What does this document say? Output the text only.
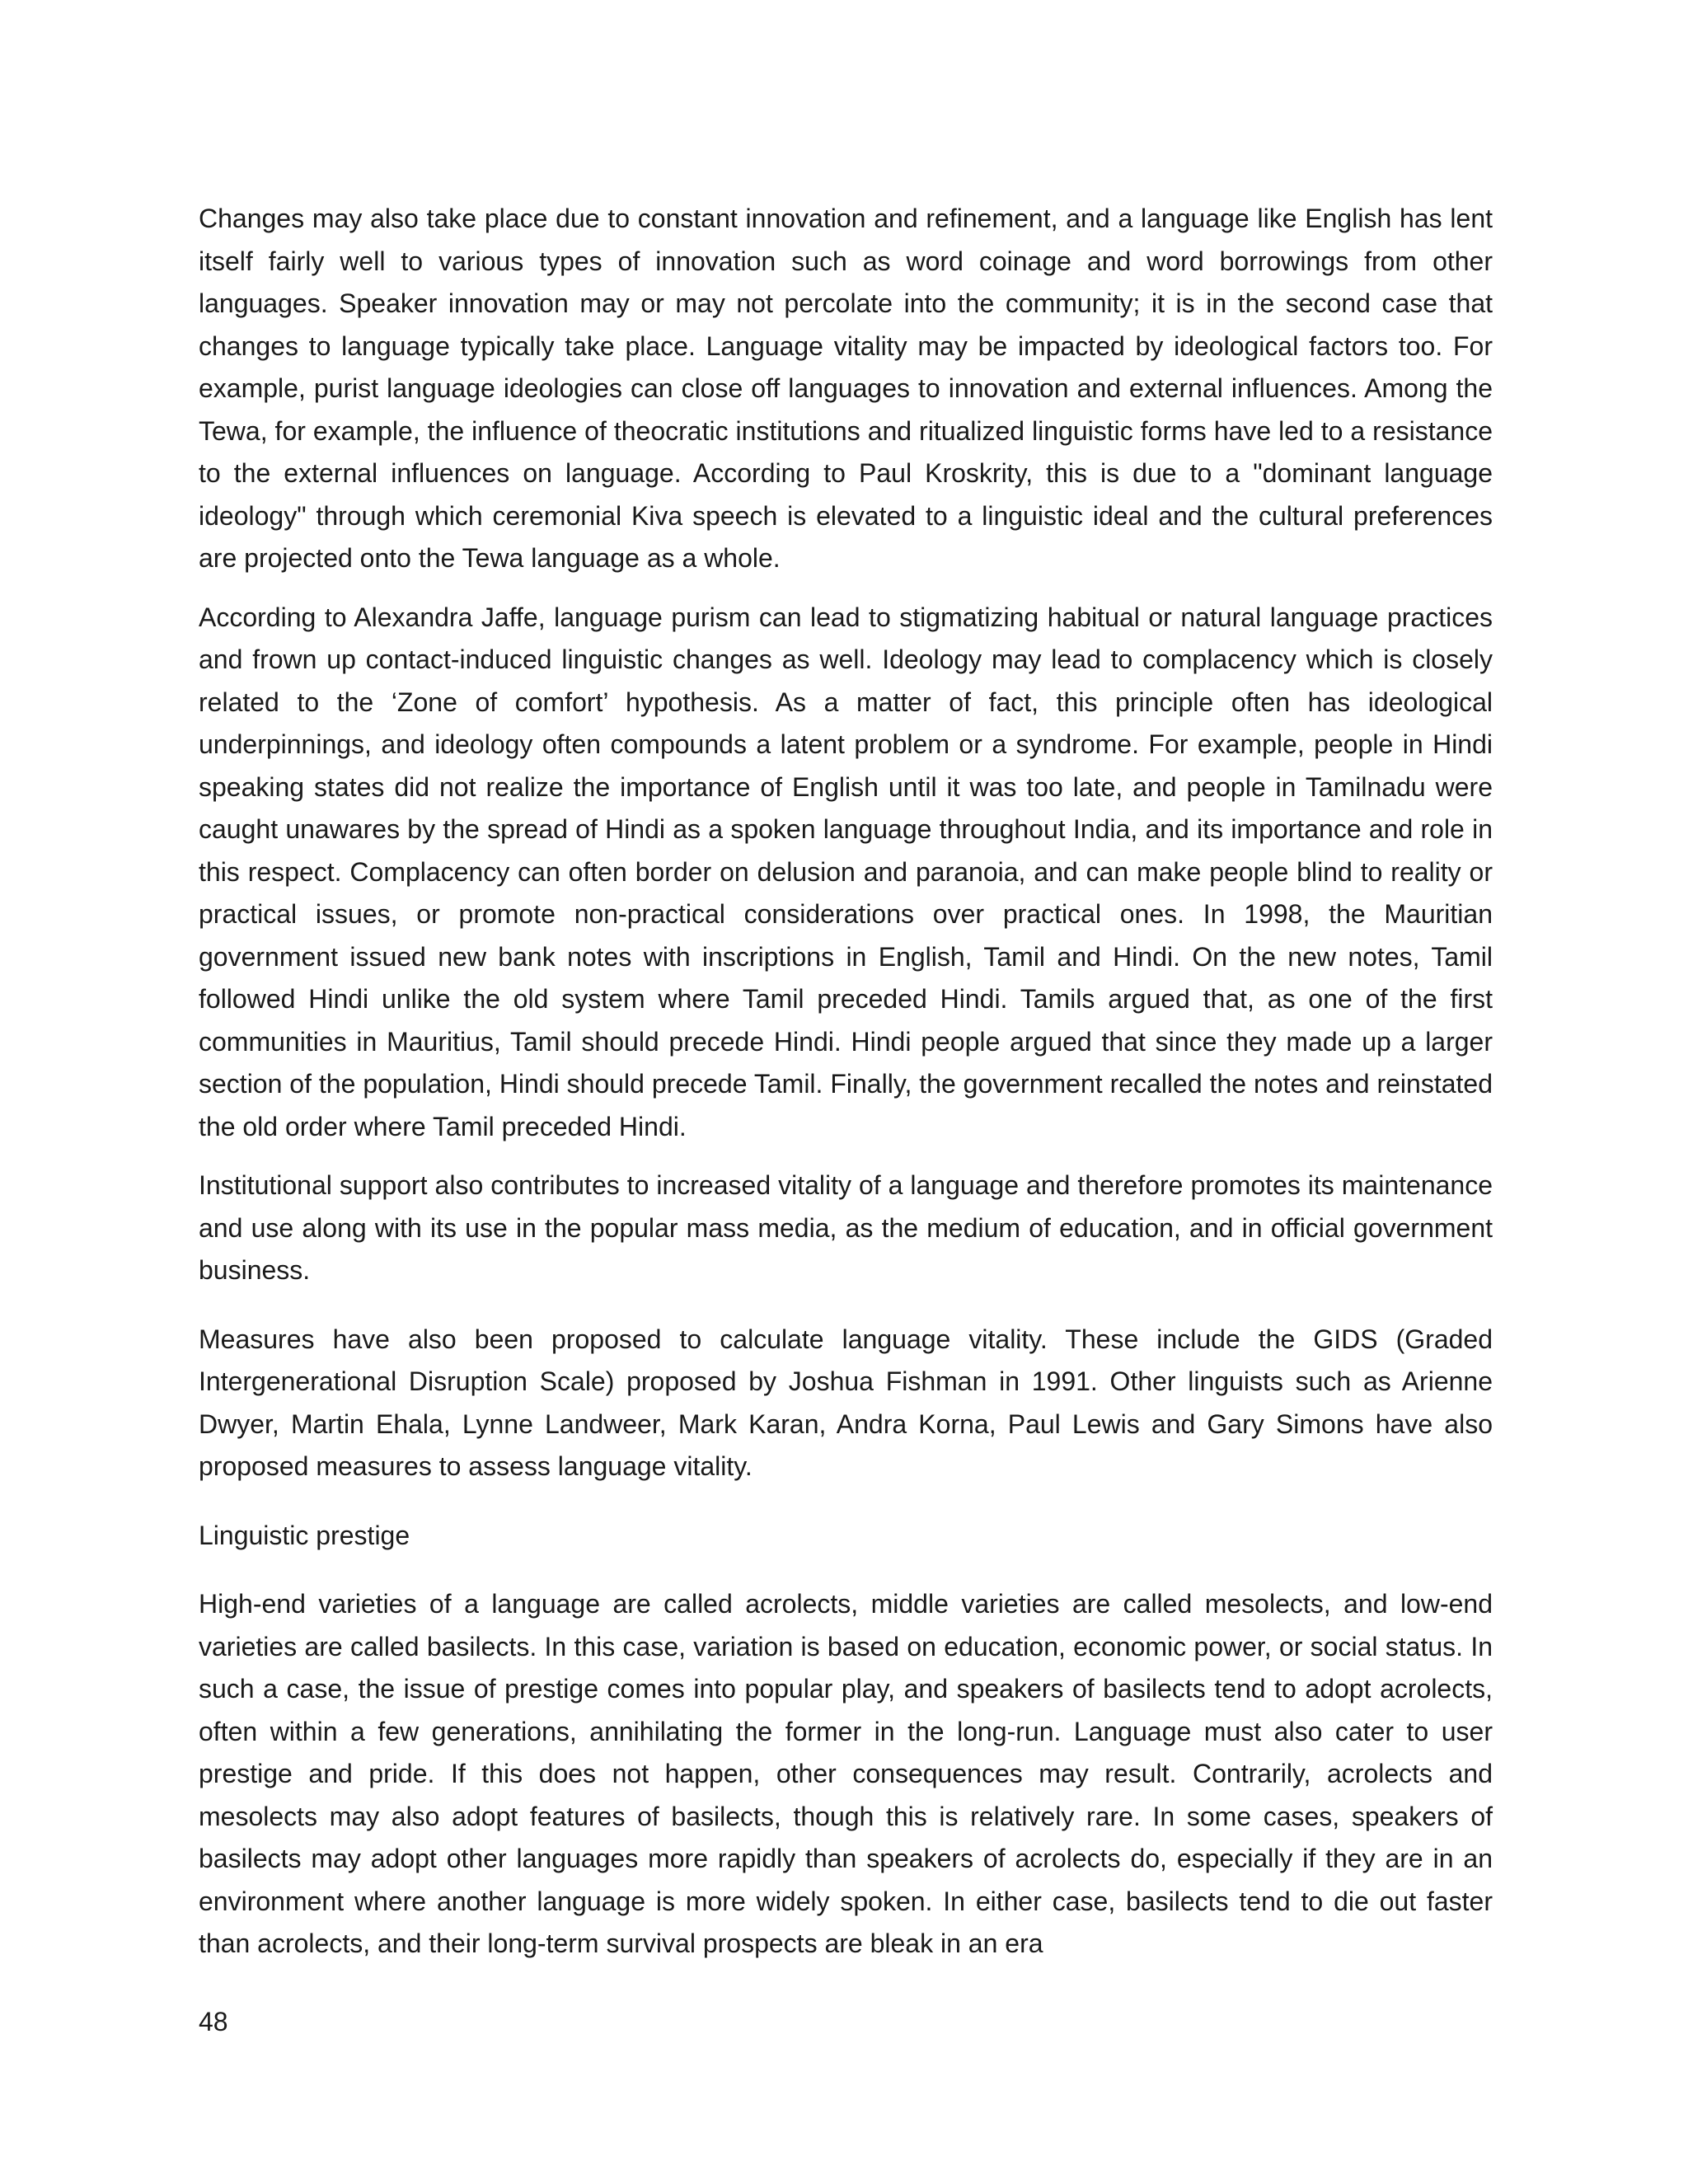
Changes may also take place due to constant innovation and refinement, and a language like English has lent itself fairly well to various types of innovation such as word coinage and word borrowings from other languages. Speaker innovation may or may not percolate into the community; it is in the second case that changes to language typically take place. Language vitality may be impacted by ideological factors too. For example, purist language ideologies can close off languages to innovation and external influences. Among the Tewa, for example, the influence of theocratic institutions and ritualized linguistic forms have led to a resistance to the external influences on language. According to Paul Kroskrity, this is due to a "dominant language ideology" through which ceremonial Kiva speech is elevated to a linguistic ideal and the cultural preferences are projected onto the Tewa language as a whole.

According to Alexandra Jaffe, language purism can lead to stigmatizing habitual or natural language practices and frown up contact-induced linguistic changes as well. Ideology may lead to complacency which is closely related to the ‘Zone of comfort’ hypothesis. As a matter of fact, this principle often has ideological underpinnings, and ideology often compounds a latent problem or a syndrome. For example, people in Hindi speaking states did not realize the importance of English until it was too late, and people in Tamilnadu were caught unawares by the spread of Hindi as a spoken language throughout India, and its importance and role in this respect. Complacency can often border on delusion and paranoia, and can make people blind to reality or practical issues, or promote non-practical considerations over practical ones. In 1998, the Mauritian government issued new bank notes with inscriptions in English, Tamil and Hindi. On the new notes, Tamil followed Hindi unlike the old system where Tamil preceded Hindi. Tamils argued that, as one of the first communities in Mauritius, Tamil should precede Hindi. Hindi people argued that since they made up a larger section of the population, Hindi should precede Tamil. Finally, the government recalled the notes and reinstated the old order where Tamil preceded Hindi.

Institutional support also contributes to increased vitality of a language and therefore promotes its maintenance and use along with its use in the popular mass media, as the medium of education, and in official government business.

Measures have also been proposed to calculate language vitality. These include the GIDS (Graded Intergenerational Disruption Scale) proposed by Joshua Fishman in 1991. Other linguists such as Arienne Dwyer, Martin Ehala, Lynne Landweer, Mark Karan, Andra Korna, Paul Lewis and Gary Simons have also proposed measures to assess language vitality.

Linguistic prestige

High-end varieties of a language are called acrolects, middle varieties are called mesolects, and low-end varieties are called basilects. In this case, variation is based on education, economic power, or social status. In such a case, the issue of prestige comes into popular play, and speakers of basilects tend to adopt acrolects, often within a few generations, annihilating the former in the long-run. Language must also cater to user prestige and pride. If this does not happen, other consequences may result. Contrarily, acrolects and mesolects may also adopt features of basilects, though this is relatively rare. In some cases, speakers of basilects may adopt other languages more rapidly than speakers of acrolects do, especially if they are in an environment where another language is more widely spoken. In either case, basilects tend to die out faster than acrolects, and their long-term survival prospects are bleak in an era

48
